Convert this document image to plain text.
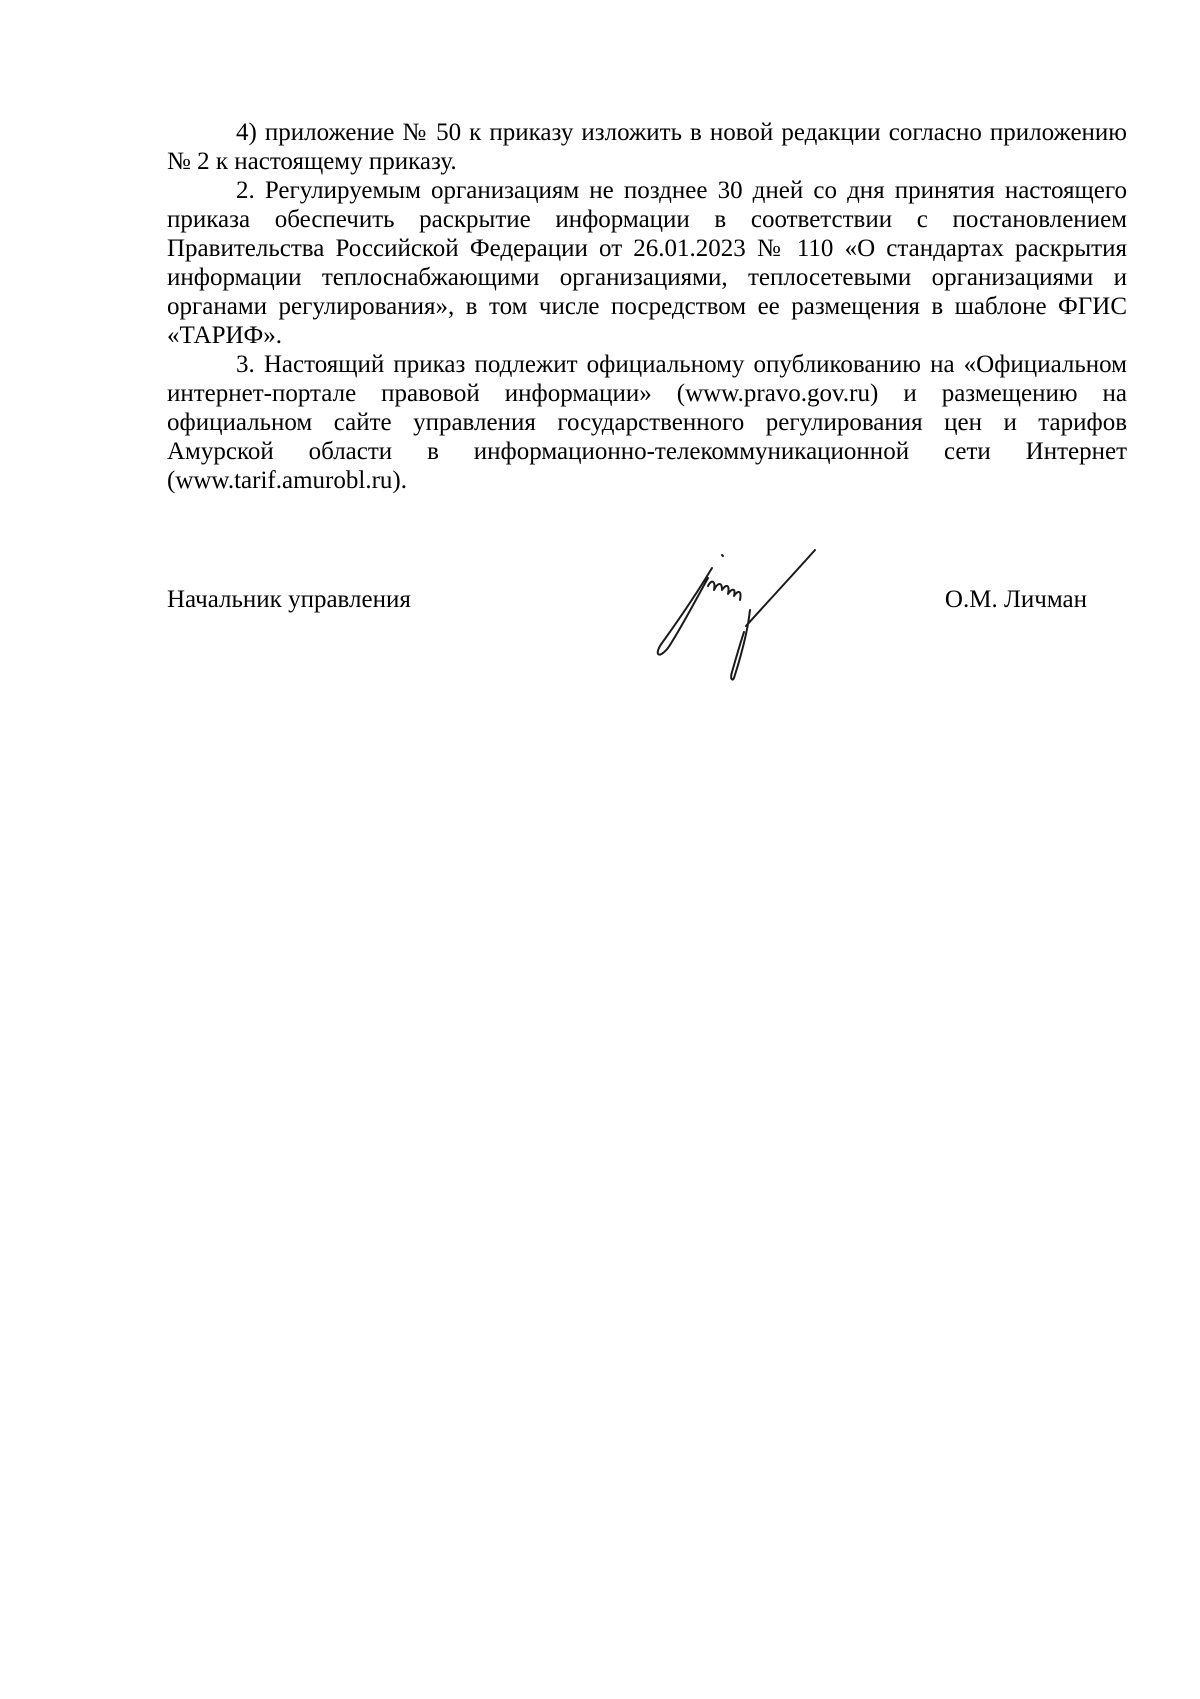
4) приложение № 50 к приказу изложить в новой редакции согласно приложению № 2 к настоящему приказу.

2. Регулируемым организациям не позднее 30 дней со дня принятия настоящего приказа обеспечить раскрытие информации в соответствии с постановлением Правительства Российской Федерации от 26.01.2023 № 110 «О стандартах раскрытия информации теплоснабжающими организациями, теплосетевыми организациями и органами регулирования», в том числе посредством ее размещения в шаблоне ФГИС «ТАРИФ».

3. Настоящий приказ подлежит официальному опубликованию на «Официальном интернет-портале правовой информации» (www.pravo.gov.ru) и размещению на официальном сайте управления государственного регулирования цен и тарифов Амурской области в информационно-телекоммуникационной сети Интернет (www.tarif.amurobl.ru).

Начальник управления	О.М. Личман
